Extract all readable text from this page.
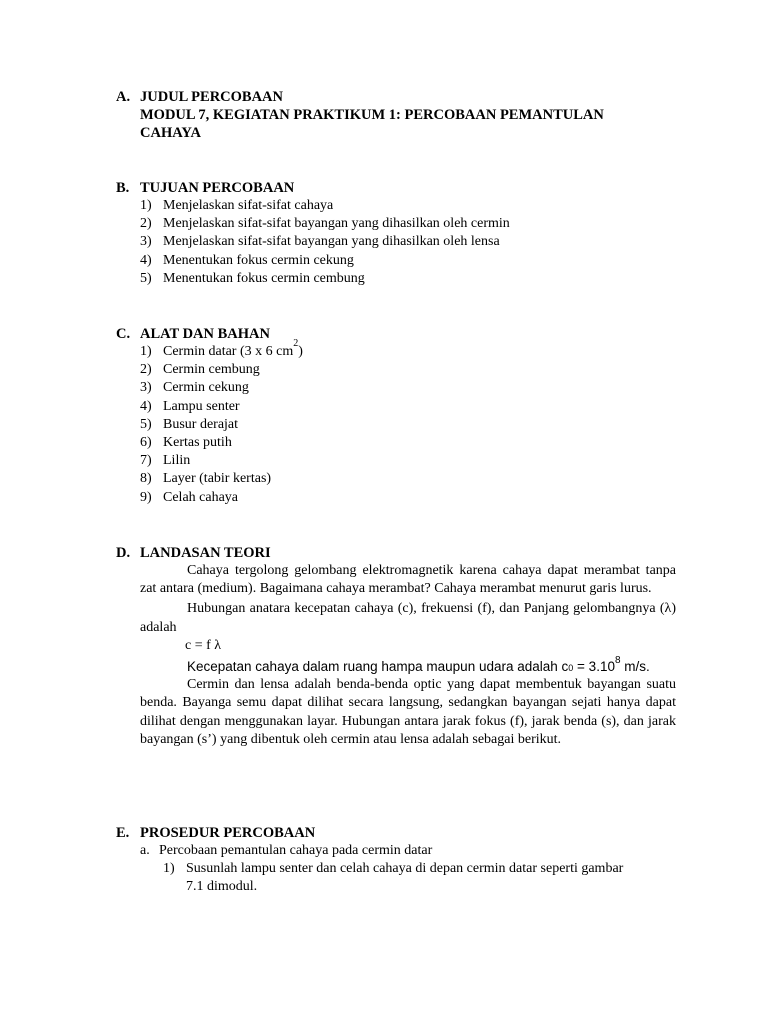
A. JUDUL PERCOBAAN
MODUL 7, KEGIATAN PRAKTIKUM 1: PERCOBAAN PEMANTULAN
CAHAYA
B. TUJUAN PERCOBAAN
1) Menjelaskan sifat-sifat cahaya
2) Menjelaskan sifat-sifat bayangan yang dihasilkan oleh cermin
3) Menjelaskan sifat-sifat bayangan yang dihasilkan oleh lensa
4) Menentukan fokus cermin cekung
5) Menentukan fokus cermin cembung
C. ALAT DAN BAHAN
1) Cermin datar (3 x 6 $cm^2$)
2) Cermin cembung
3) Cermin cekung
4) Lampu senter
5) Busur derajat
6) Kertas putih
7) Lilin
8) Layer (tabir kertas)
9) Celah cahaya
D. LANDASAN TEORI
Cahaya tergolong gelombang elektromagnetik karena cahaya dapat merambat tanpa zat antara (medium). Bagaimana cahaya merambat? Cahaya merambat menurut garis lurus.
Hubungan anatara kecepatan cahaya (c), frekuensi (f), dan Panjang gelombangnya (λ) adalah
c = f λ
Kecepatan cahaya dalam ruang hampa maupun udara adalah $c0 = 3.10^8$ m/s.
Cermin dan lensa adalah benda-benda optic yang dapat membentuk bayangan suatu benda. Bayanga semu dapat dilihat secara langsung, sedangkan bayangan sejati hanya dapat dilihat dengan menggunakan layar. Hubungan antara jarak fokus (f), jarak benda (s), dan jarak bayangan (s’) yang dibentuk oleh cermin atau lensa adalah sebagai berikut.
E. PROSEDUR PERCOBAAN
a. Percobaan pemantulan cahaya pada cermin datar
1) Susunlah lampu senter dan celah cahaya di depan cermin datar seperti gambar
7.1 dimodul.
